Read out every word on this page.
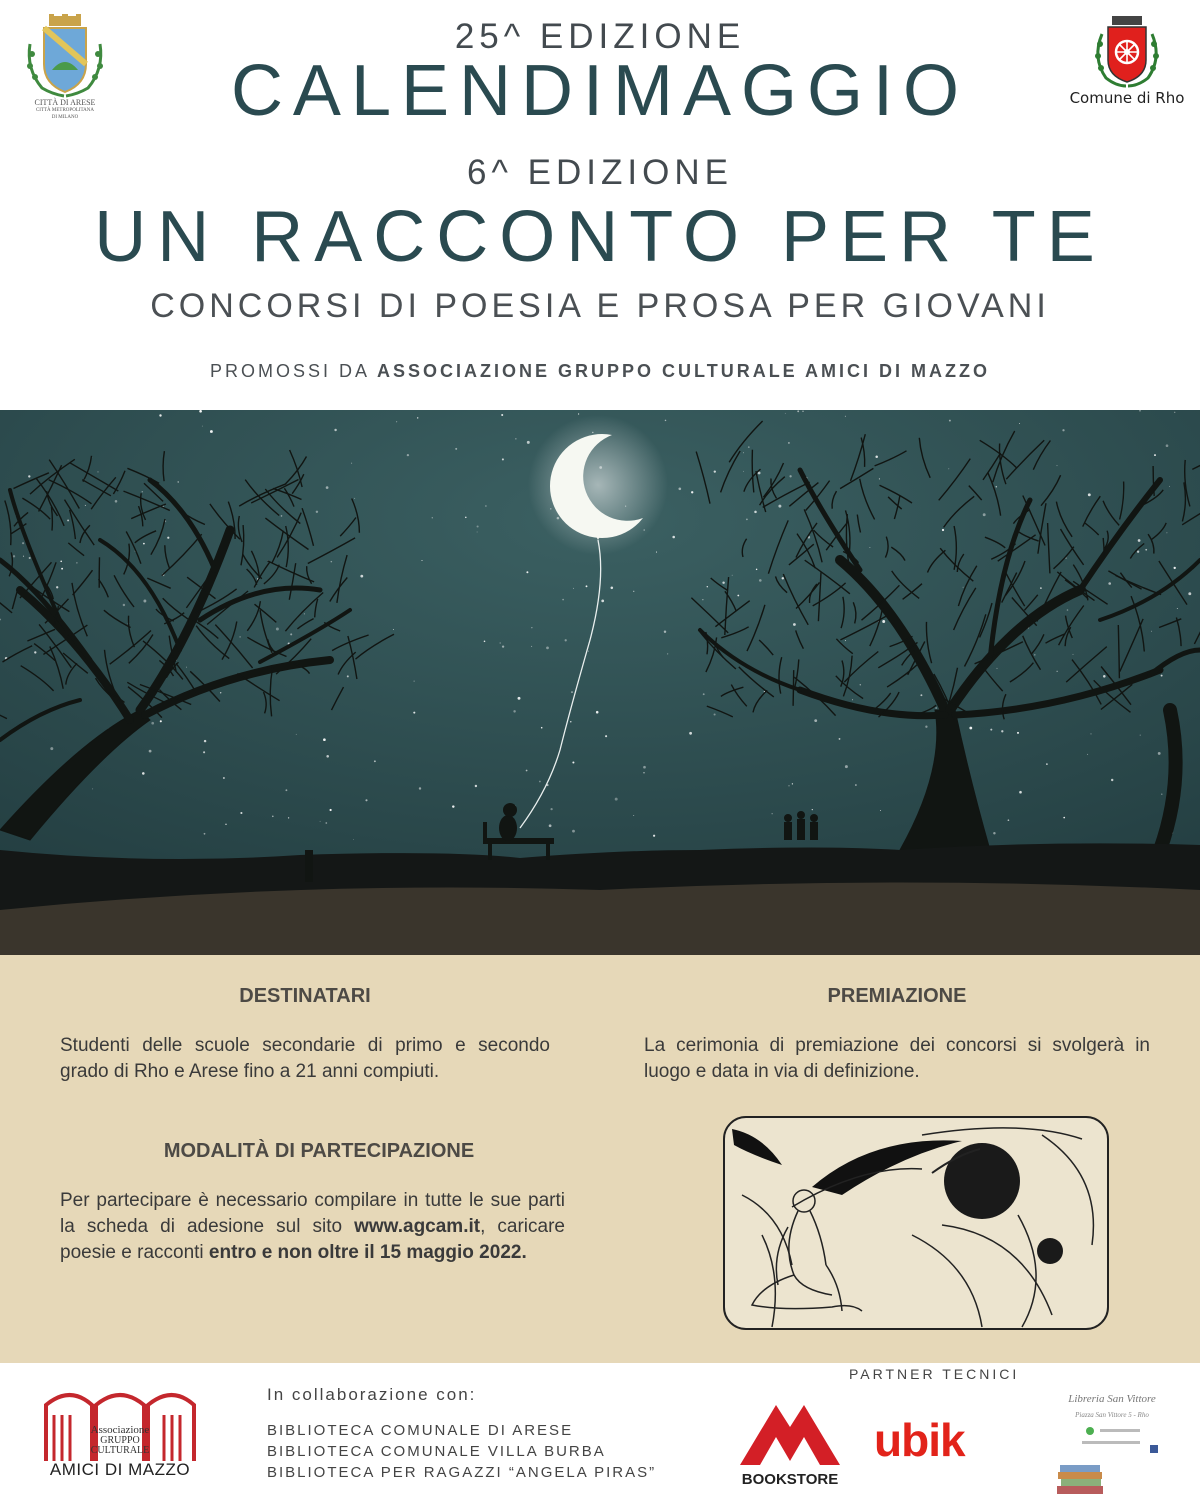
CITTÀ DI ARESE
CITTÀ METROPOLITANA
DI MILANO
Comune di Rho
25^ EDIZIONE
CALENDIMAGGIO
6^ EDIZIONE
UN RACCONTO PER TE
CONCORSI DI POESIA E PROSA PER GIOVANI
PROMOSSI DA ASSOCIAZIONE GRUPPO CULTURALE AMICI DI MAZZO
DESTINATARI
Studenti delle scuole secondarie di primo e secondo grado di Rho e Arese fino a 21 anni compiuti.
MODALITÀ DI PARTECIPAZIONE
Per partecipare è necessario compilare in tutte le sue parti la scheda di adesione sul sito www.agcam.it, caricare poesie e racconti entro e non oltre il 15 maggio 2022.
PREMIAZIONE
La cerimonia di premiazione dei concorsi si svolgerà in luogo e data in via di definizione.
Associazione
GRUPPO
CULTURALE
AMICI DI MAZZO
In collaborazione con:
BIBLIOTECA COMUNALE DI ARESE
BIBLIOTECA COMUNALE VILLA BURBA
BIBLIOTECA PER RAGAZZI “ANGELA PIRAS”
PARTNER TECNICI
BOOKSTORE
ubik
Libreria San Vittore
Piazza San Vittore 5 - Rho
